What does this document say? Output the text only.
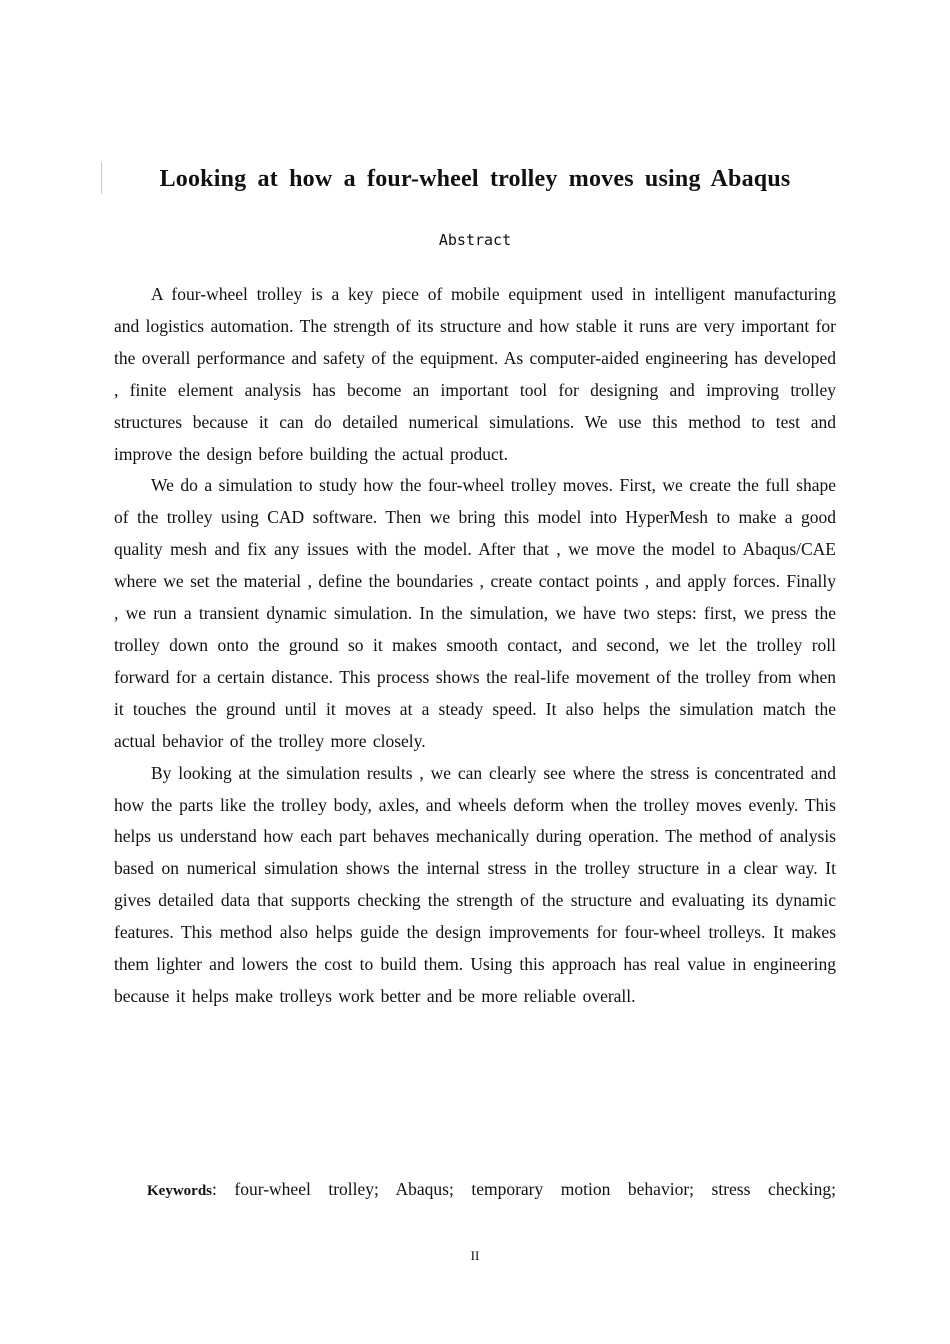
Looking at how a four-wheel trolley moves using Abaqus
Abstract

A four-wheel trolley is a key piece of mobile equipment used in intelligent manufacturing and logistics automation. The strength of its structure and how stable it runs are very important for the overall performance and safety of the equipment. As computer-aided engineering has developed , finite element analysis has become an important tool for designing and improving trolley structures because it can do detailed numerical simulations. We use this method to test and improve the design before building the actual product.

We do a simulation to study how the four-wheel trolley moves. First, we create the full shape of the trolley using CAD software. Then we bring this model into HyperMesh to make a good quality mesh and fix any issues with the model. After that , we move the model to Abaqus/CAE where we set the material , define the boundaries , create contact points , and apply forces. Finally , we run a transient dynamic simulation. In the simulation, we have two steps: first, we press the trolley down onto the ground so it makes smooth contact, and second, we let the trolley roll forward for a certain distance. This process shows the real-life movement of the trolley from when it touches the ground until it moves at a steady speed. It also helps the simulation match the actual behavior of the trolley more closely.

By looking at the simulation results , we can clearly see where the stress is concentrated and how the parts like the trolley body, axles, and wheels deform when the trolley moves evenly. This helps us understand how each part behaves mechanically during operation. The method of analysis based on numerical simulation shows the internal stress in the trolley structure in a clear way. It gives detailed data that supports checking the strength of the structure and evaluating its dynamic features. This method also helps guide the design improvements for four-wheel trolleys. It makes them lighter and lowers the cost to build them. Using this approach has real value in engineering because it helps make trolleys work better and be more reliable overall.

Keywords: four-wheel trolley; Abaqus; temporary motion behavior; stress checking;
II
